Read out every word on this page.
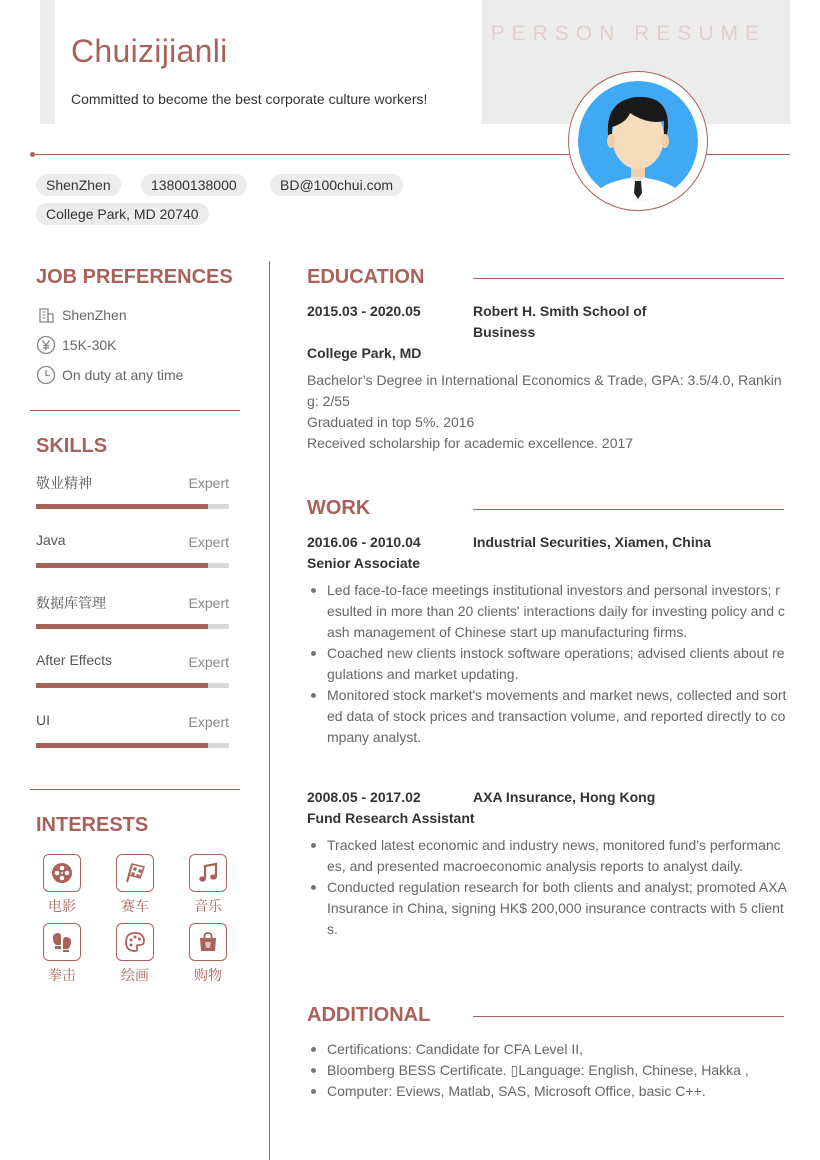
Chuizijianli

Committed to become the best corporate culture workers!

PERSON RESUME
ShenZhen	13800138000	BD@100chui.com
College Park, MD 20740
JOB PREFERENCES
ShenZhen
15K-30K
On duty at any time
SKILLS
敬业精神	Expert
Java	Expert
数据库管理	Expert
After Effects	Expert
UI	Expert
INTERESTS
电影	赛车	音乐
拳击	绘画	购物
EDUCATION
2015.03 - 2020.05	Robert H. Smith School of Business
College Park, MD
Bachelor’s Degree in International Economics & Trade, GPA: 3.5/4.0, Ranking: 2/55
Graduated in top 5%. 2016
Received scholarship for academic excellence. 2017
WORK
2016.06 - 2010.04	Industrial Securities, Xiamen, China
Senior Associate
Led face-to-face meetings institutional investors and personal investors; resulted in more than 20 clients' interactions daily for investing policy and cash management of Chinese start up manufacturing firms.
Coached new clients instock software operations; advised clients about regulations and market updating.
Monitored stock market's movements and market news, collected and sorted data of stock prices and transaction volume, and reported directly to company analyst.
2008.05 - 2017.02	AXA Insurance, Hong Kong
Fund Research Assistant
Tracked latest economic and industry news, monitored fund’s performances, and presented macroeconomic analysis reports to analyst daily.
Conducted regulation research for both clients and analyst; promoted AXA Insurance in China, signing HK$ 200,000 insurance contracts with 5 clients.
ADDITIONAL
Certifications: Candidate for CFA Level II,
Bloomberg BESS Certificate. ▯Language: English, Chinese, Hakka ,
Computer: Eviews, Matlab, SAS, Microsoft Office, basic C++.
